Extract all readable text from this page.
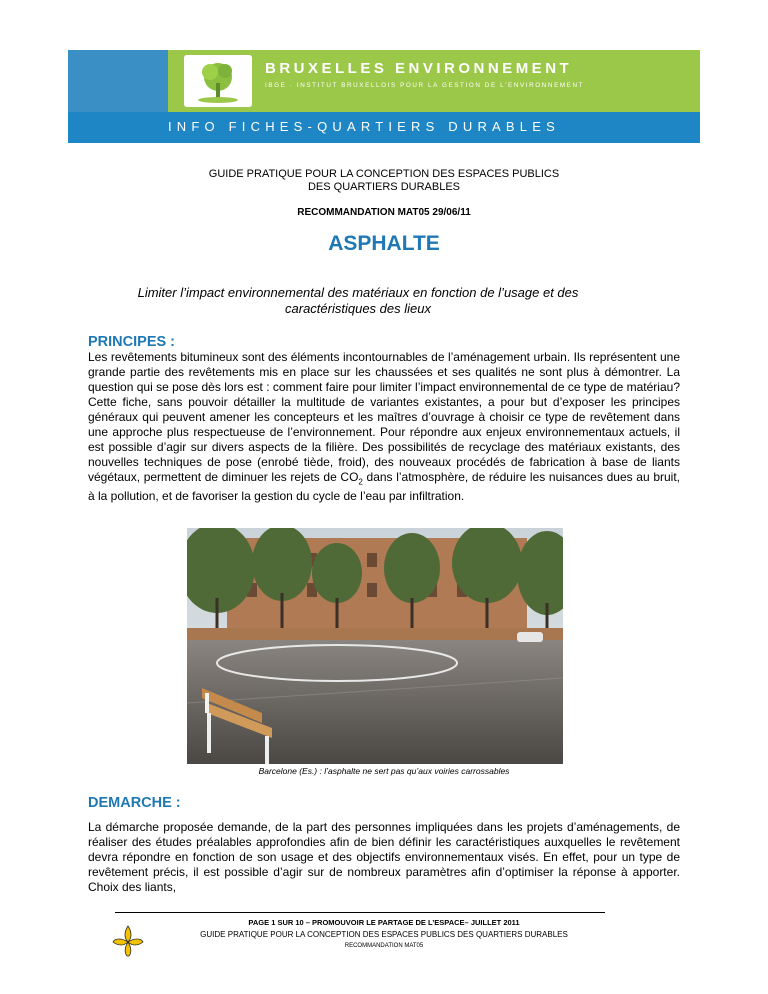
BRUXELLES ENVIRONNEMENT
IBGE · INSTITUT BRUXELLOIS POUR LA GESTION DE L'ENVIRONNEMENT
INFO FICHES-QUARTIERS DURABLES
GUIDE PRATIQUE POUR LA CONCEPTION DES ESPACES PUBLICS
DES QUARTIERS DURABLES
RECOMMANDATION MAT05 29/06/11
ASPHALTE
Limiter l’impact environnemental des matériaux en fonction de l’usage et des caractéristiques des lieux
PRINCIPES :
Les revêtements bitumineux sont des éléments incontournables de l’aménagement urbain. Ils représentent une grande partie des revêtements mis en place sur les chaussées et ses qualités ne sont plus à démontrer. La question qui se pose dès lors est : comment faire pour limiter l’impact environnemental de ce type de matériau? Cette fiche, sans pouvoir détailler la multitude de variantes existantes, a pour but d’exposer les principes généraux qui peuvent amener les concepteurs et les maîtres d’ouvrage à choisir ce type de revêtement dans une approche plus respectueuse de l’environnement. Pour répondre aux enjeux environnementaux actuels, il est possible d’agir sur divers aspects de la filière. Des possibilités de recyclage des matériaux existants, des nouvelles techniques de pose (enrobé tiède, froid), des nouveaux procédés de fabrication à base de liants végétaux, permettent de diminuer les rejets de $CO_2$ dans l’atmosphère, de réduire les nuisances dues au bruit, à la pollution, et de favoriser la gestion du cycle de l’eau par infiltration.
Barcelone (Es.) : l’asphalte ne sert pas qu’aux voiries carrossables
DEMARCHE :
La démarche proposée demande, de la part des personnes impliquées dans les projets d’aménagements, de réaliser des études préalables approfondies afin de bien définir les caractéristiques auxquelles le revêtement devra répondre en fonction de son usage et des objectifs environnementaux visés. En effet, pour un type de revêtement précis, il est possible d’agir sur de nombreux paramètres afin d’optimiser la réponse à apporter. Choix des liants,
PAGE 1 SUR 10 – PROMOUVOIR LE PARTAGE DE L’ESPACE– JUILLET 2011
GUIDE PRATIQUE POUR LA CONCEPTION DES ESPACES PUBLICS DES QUARTIERS DURABLES
RECOMMANDATION MAT05
